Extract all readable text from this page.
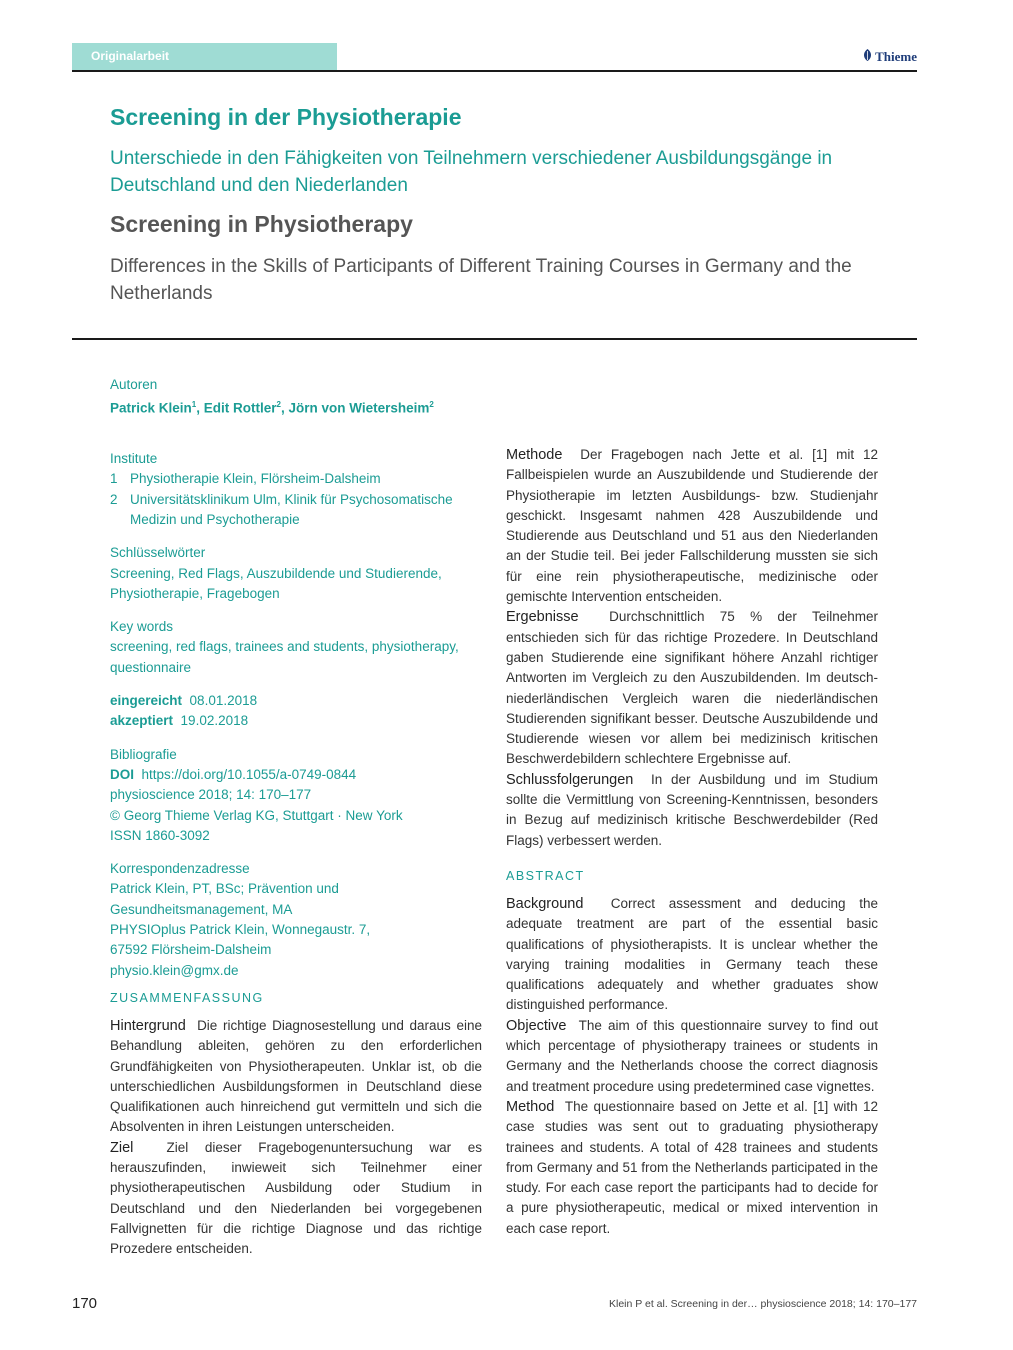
Originalarbeit	Thieme
Screening in der Physiotherapie
Unterschiede in den Fähigkeiten von Teilnehmern verschiedener Ausbildungsgänge in Deutschland und den Niederlanden
Screening in Physiotherapy
Differences in the Skills of Participants of Different Training Courses in Germany and the Netherlands
Autoren
Patrick Klein$^1$, Edit Rottler$^2$, Jörn von Wietersheim$^2$
Institute
1 Physiotherapie Klein, Flörsheim-Dalsheim
2 Universitätsklinikum Ulm, Klinik für Psychosomatische Medizin und Psychotherapie
Schlüsselwörter
Screening, Red Flags, Auszubildende und Studierende, Physiotherapie, Fragebogen
Key words
screening, red flags, trainees and students, physiotherapy, questionnaire
eingereicht 08.01.2018
akzeptiert 19.02.2018
Bibliografie
DOI https://doi.org/10.1055/a-0749-0844
physioscience 2018; 14: 170–177
© Georg Thieme Verlag KG, Stuttgart · New York
ISSN 1860-3092
Korrespondenzadresse
Patrick Klein, PT, BSc; Prävention und Gesundheitsmanagement, MA
PHYSIOplus Patrick Klein, Wonnegaustr. 7,
67592 Flörsheim-Dalsheim
physio.klein@gmx.de
ZUSAMMENFASSUNG

Hintergrund Die richtige Diagnosestellung und daraus eine Behandlung ableiten, gehören zu den erforderlichen Grundfähigkeiten von Physiotherapeuten. Unklar ist, ob die unterschiedlichen Ausbildungsformen in Deutschland diese Qualifikationen auch hinreichend gut vermitteln und sich die Absolventen in ihren Leistungen unterscheiden.

Ziel Ziel dieser Fragebogenuntersuchung war es herauszufinden, inwieweit sich Teilnehmer einer physiotherapeutischen Ausbildung oder Studium in Deutschland und den Niederlanden bei vorgegebenen Fallvignetten für die richtige Diagnose und das richtige Prozedere entscheiden.

Methode Der Fragebogen nach Jette et al. [1] mit 12 Fallbeispielen wurde an Auszubildende und Studierende der Physiotherapie im letzten Ausbildungs- bzw. Studienjahr geschickt. Insgesamt nahmen 428 Auszubildende und Studierende aus Deutschland und 51 aus den Niederlanden an der Studie teil. Bei jeder Fallschilderung mussten sie sich für eine rein physiotherapeutische, medizinische oder gemischte Intervention entscheiden.

Ergebnisse Durchschnittlich 75 % der Teilnehmer entschieden sich für das richtige Prozedere. In Deutschland gaben Studierende eine signifikant höhere Anzahl richtiger Antworten im Vergleich zu den Auszubildenden. Im deutsch-niederländischen Vergleich waren die niederländischen Studierenden signifikant besser. Deutsche Auszubildende und Studierende wiesen vor allem bei medizinisch kritischen Beschwerdebildern schlechtere Ergebnisse auf.

Schlussfolgerungen In der Ausbildung und im Studium sollte die Vermittlung von Screening-Kenntnissen, besonders in Bezug auf medizinisch kritische Beschwerdebilder (Red Flags) verbessert werden.

ABSTRACT

Background Correct assessment and deducing the adequate treatment are part of the essential basic qualifications of physiotherapists. It is unclear whether the varying training modalities in Germany teach these qualifications adequately and whether graduates show distinguished performance.

Objective The aim of this questionnaire survey to find out which percentage of physiotherapy trainees or students in Germany and the Netherlands choose the correct diagnosis and treatment procedure using predetermined case vignettes.

Method The questionnaire based on Jette et al. [1] with 12 case studies was sent out to graduating physiotherapy trainees and students. A total of 428 trainees and students from Germany and 51 from the Netherlands participated in the study. For each case report the participants had to decide for a pure physiotherapeutic, medical or mixed intervention in each case report.

170	Klein P et al. Screening in der… physioscience 2018; 14: 170–177
